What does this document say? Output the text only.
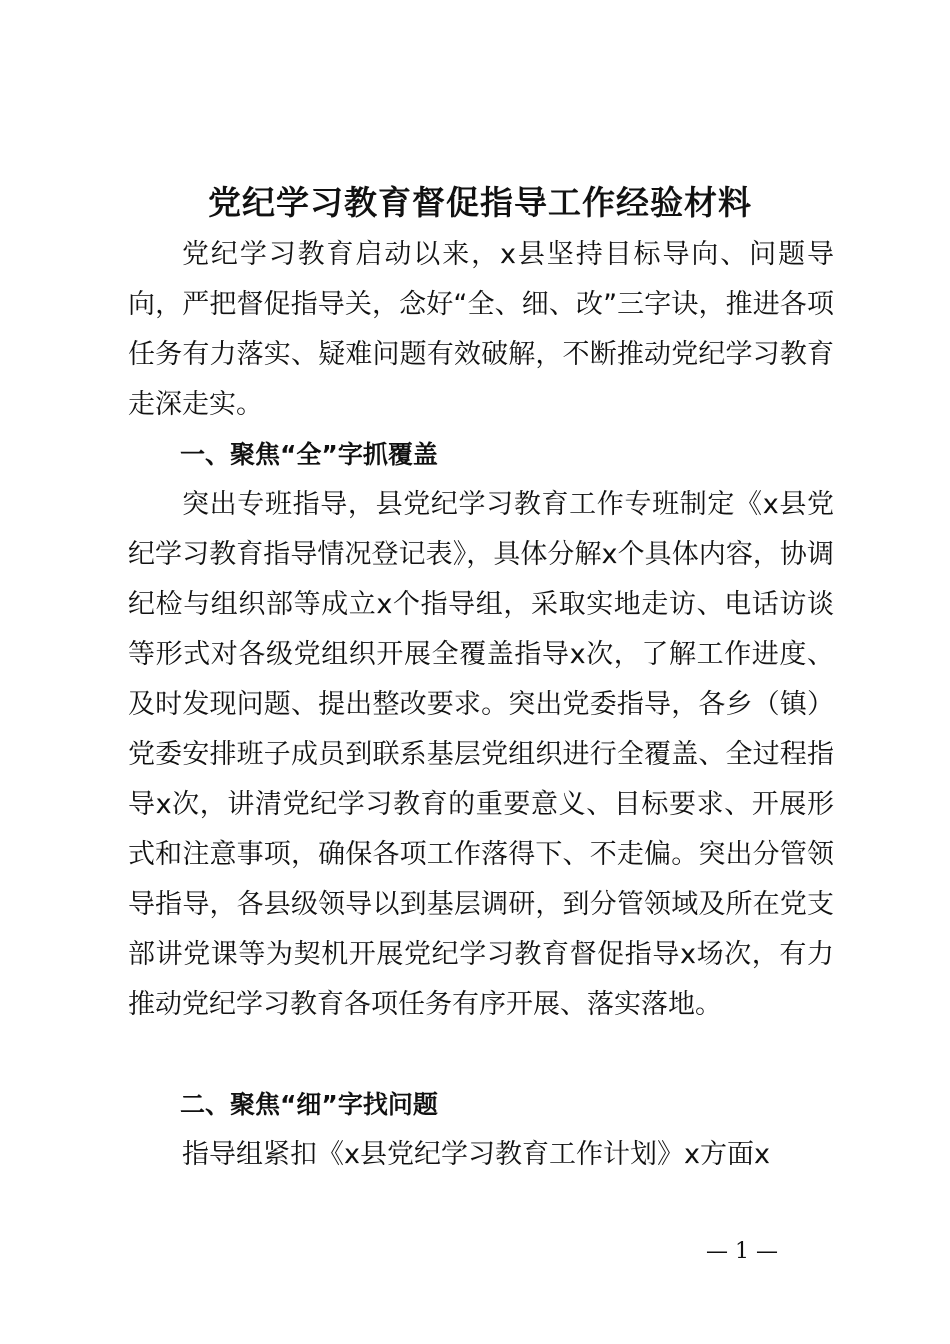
党纪学习教育督促指导工作经验材料

党纪学习教育启动以来，x县坚持目标导向、问题导向，严把督促指导关，念好“全、细、改”三字诀，推进各项任务有力落实、疑难问题有效破解，不断推动党纪学习教育走深走实。

一、聚焦“全”字抓覆盖

突出专班指导，县党纪学习教育工作专班制定《x县党纪学习教育指导情况登记表》，具体分解x个具体内容，协调纪检与组织部等成立x个指导组，采取实地走访、电话访谈等形式对各级党组织开展全覆盖指导x次，了解工作进度、及时发现问题、提出整改要求。突出党委指导，各乡（镇）党委安排班子成员到联系基层党组织进行全覆盖、全过程指导x次，讲清党纪学习教育的重要意义、目标要求、开展形式和注意事项，确保各项工作落得下、不走偏。突出分管领导指导，各县级领导以到基层调研，到分管领域及所在党支部讲党课等为契机开展党纪学习教育督促指导x场次，有力推动党纪学习教育各项任务有序开展、落实落地。

二、聚焦“细”字找问题

指导组紧扣《x县党纪学习教育工作计划》x方面x

— 1 —
